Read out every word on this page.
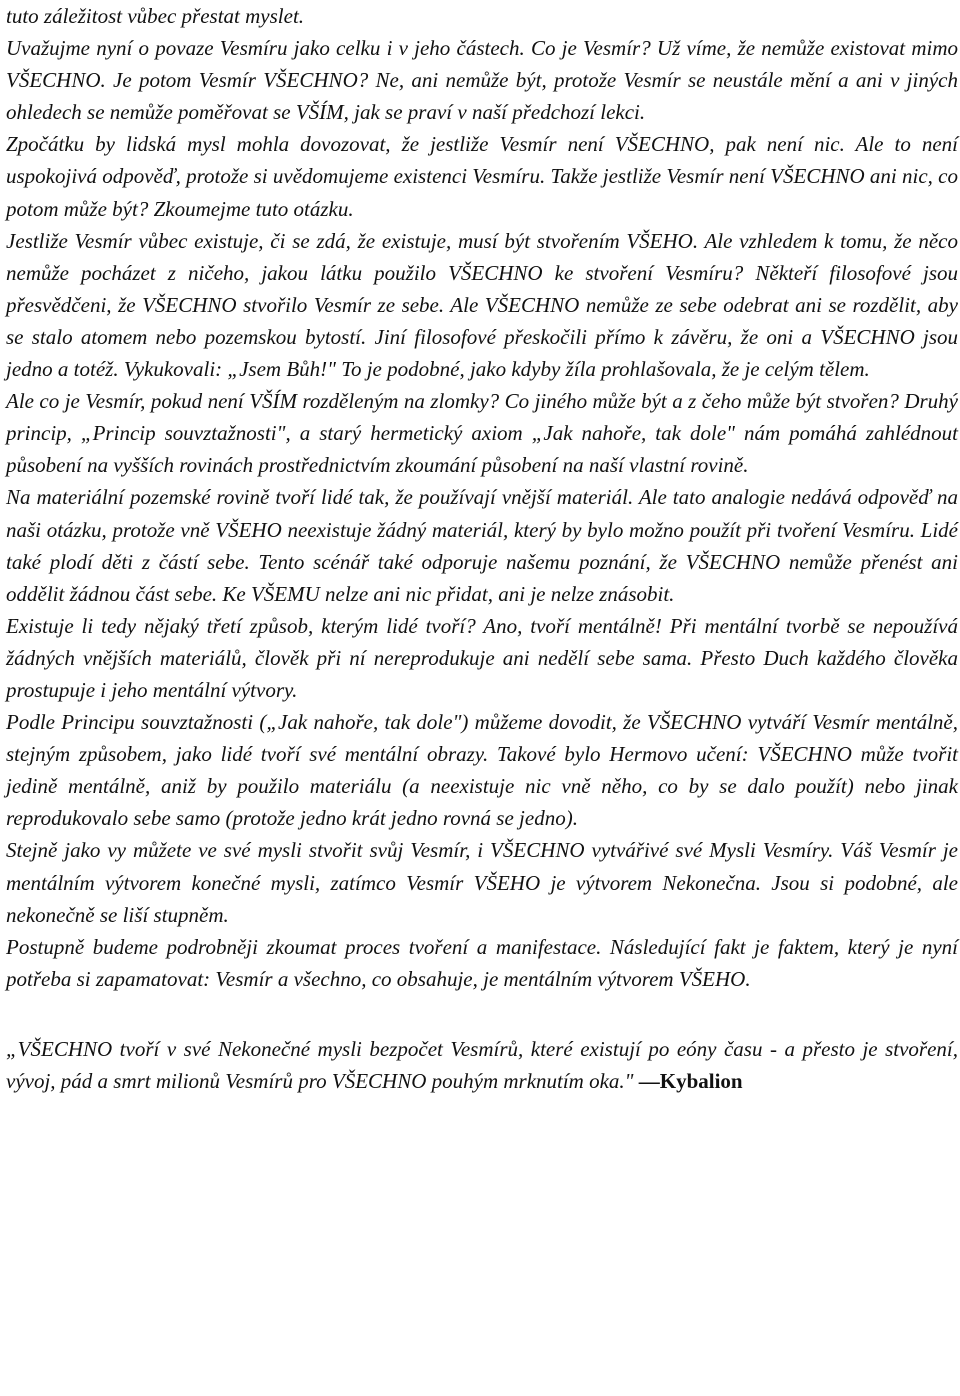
tuto záležitost vůbec přestat myslet.

Uvažujme nyní o povaze Vesmíru jako celku i v jeho částech. Co je Vesmír? Už víme, že nemůže existovat mimo VŠECHNO. Je potom Vesmír VŠECHNO? Ne, ani nemůže být, protože Vesmír se neustále mění a ani v jiných ohledech se nemůže poměřovat se VŠÍM, jak se praví v naší předchozí lekci.

Zpočátku by lidská mysl mohla dovozovat, že jestliže Vesmír není VŠECHNO, pak není nic. Ale to není uspokojivá odpověď, protože si uvědomujeme existenci Vesmíru. Takže jestliže Vesmír není VŠECHNO ani nic, co potom může být? Zkoumejme tuto otázku.

Jestliže Vesmír vůbec existuje, či se zdá, že existuje, musí být stvořením VŠEHO. Ale vzhledem k tomu, že něco nemůže pocházet z ničeho, jakou látku použilo VŠECHNO ke stvoření Vesmíru? Někteří filosofové jsou přesvědčeni, že VŠECHNO stvořilo Vesmír ze sebe. Ale VŠECHNO nemůže ze sebe odebrat ani se rozdělit, aby se stalo atomem nebo pozemskou bytostí. Jiní filosofové přeskočili přímo k závěru, že oni a VŠECHNO jsou jedno a totéž. Vykukovali: „Jsem Bůh!" To je podobné, jako kdyby žíla prohlašovala, že je celým tělem.

Ale co je Vesmír, pokud není VŠÍM rozděleným na zlomky? Co jiného může být a z čeho může být stvořen? Druhý princip, „Princip souvztažnosti", a starý hermetický axiom „Jak nahoře, tak dole" nám pomáhá zahlédnout působení na vyšších rovinách prostřednictvím zkoumání působení na naší vlastní rovině.

Na materiální pozemské rovině tvoří lidé tak, že používají vnější materiál. Ale tato analogie nedává odpověď na naši otázku, protože vně VŠEHO neexistuje žádný materiál, který by bylo možno použít při tvoření Vesmíru. Lidé také plodí děti z částí sebe. Tento scénář také odporuje našemu poznání, že VŠECHNO nemůže přenést ani oddělit žádnou část sebe. Ke VŠEMU nelze ani nic přidat, ani je nelze znásobit.

Existuje li tedy nějaký třetí způsob, kterým lidé tvoří? Ano, tvoří mentálně! Při mentální tvorbě se nepoužívá žádných vnějších materiálů, člověk při ní nereprodukuje ani nedělí sebe sama. Přesto Duch každého člověka prostupuje i jeho mentální výtvory.

Podle Principu souvztažnosti („Jak nahoře, tak dole") můžeme dovodit, že VŠECHNO vytváří Vesmír mentálně, stejným způsobem, jako lidé tvoří své mentální obrazy. Takové bylo Hermovo učení: VŠECHNO může tvořit jedině mentálně, aniž by použilo materiálu (a neexistuje nic vně něho, co by se dalo použít) nebo jinak reprodukovalo sebe samo (protože jedno krát jedno rovná se jedno).

Stejně jako vy můžete ve své mysli stvořit svůj Vesmír, i VŠECHNO vytvářivé své Mysli Vesmíry. Váš Vesmír je mentálním výtvorem konečné mysli, zatímco Vesmír VŠEHO je výtvorem Nekonečna. Jsou si podobné, ale nekonečně se liší stupněm.

Postupně budeme podrobněji zkoumat proces tvoření a manifestace. Následující fakt je faktem, který je nyní potřeba si zapamatovat: Vesmír a všechno, co obsahuje, je mentálním výtvorem VŠEHO.

„VŠECHNO tvoří v své Nekonečné mysli bezpočet Vesmírů, které existují po eóny času - a přesto je stvoření, vývoj, pád a smrt milionů Vesmírů pro VŠECHNO pouhým mrknutím oka." —Kybalion
